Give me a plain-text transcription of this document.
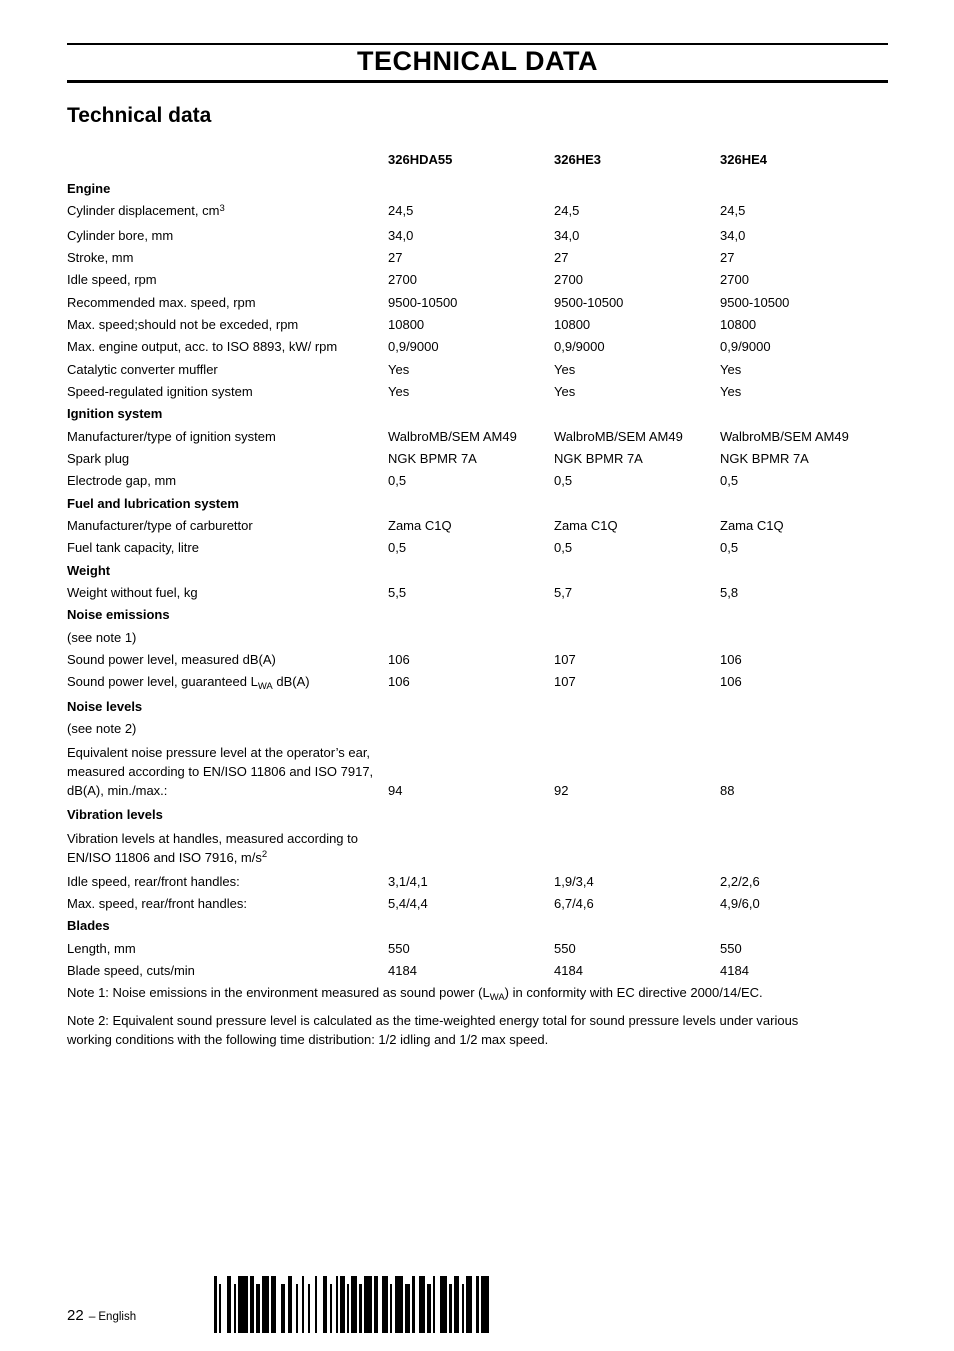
TECHNICAL DATA
Technical data
326HDA55	326HE3	326HE4
Engine
Cylinder displacement, $cm^3$	24,5	24,5	24,5
Cylinder bore, mm	34,0	34,0	34,0
Stroke, mm	27	27	27
Idle speed, rpm	2700	2700	2700
Recommended max. speed, rpm	9500-10500	9500-10500	9500-10500
Max. speed;should not be exceded, rpm	10800	10800	10800
Max. engine output, acc. to ISO 8893, kW/ rpm	0,9/9000	0,9/9000	0,9/9000
Catalytic converter muffler	Yes	Yes	Yes
Speed-regulated ignition system	Yes	Yes	Yes
Ignition system
Manufacturer/type of ignition system	WalbroMB/SEM AM49	WalbroMB/SEM AM49	WalbroMB/SEM AM49
Spark plug	NGK BPMR 7A	NGK BPMR 7A	NGK BPMR 7A
Electrode gap, mm	0,5	0,5	0,5
Fuel and lubrication system
Manufacturer/type of carburettor	Zama C1Q	Zama C1Q	Zama C1Q
Fuel tank capacity, litre	0,5	0,5	0,5
Weight
Weight without fuel, kg	5,5	5,7	5,8
Noise emissions
(see note 1)
Sound power level, measured dB(A)	106	107	106
Sound power level, guaranteed $L_{WA}$ dB(A)	106	107	106
Noise levels
(see note 2)
Equivalent noise pressure level at the operator’s ear, measured according to EN/ISO 11806 and ISO 7917, dB(A), min./max.:	94	92	88
Vibration levels
Vibration levels at handles, measured according to EN/ISO 11806 and ISO 7916, $m/s^2$
Idle speed, rear/front handles:	3,1/4,1	1,9/3,4	2,2/2,6
Max. speed, rear/front handles:	5,4/4,4	6,7/4,6	4,9/6,0
Blades
Length, mm	550	550	550
Blade speed, cuts/min	4184	4184	4184

Note 1: Noise emissions in the environment measured as sound power $(L_{WA})$ in conformity with EC directive 2000/14/EC.

Note 2: Equivalent sound pressure level is calculated as the time-weighted energy total for sound pressure levels under various
working conditions with the following time distribution: 1/2 idling and 1/2 max speed.

22 – English
